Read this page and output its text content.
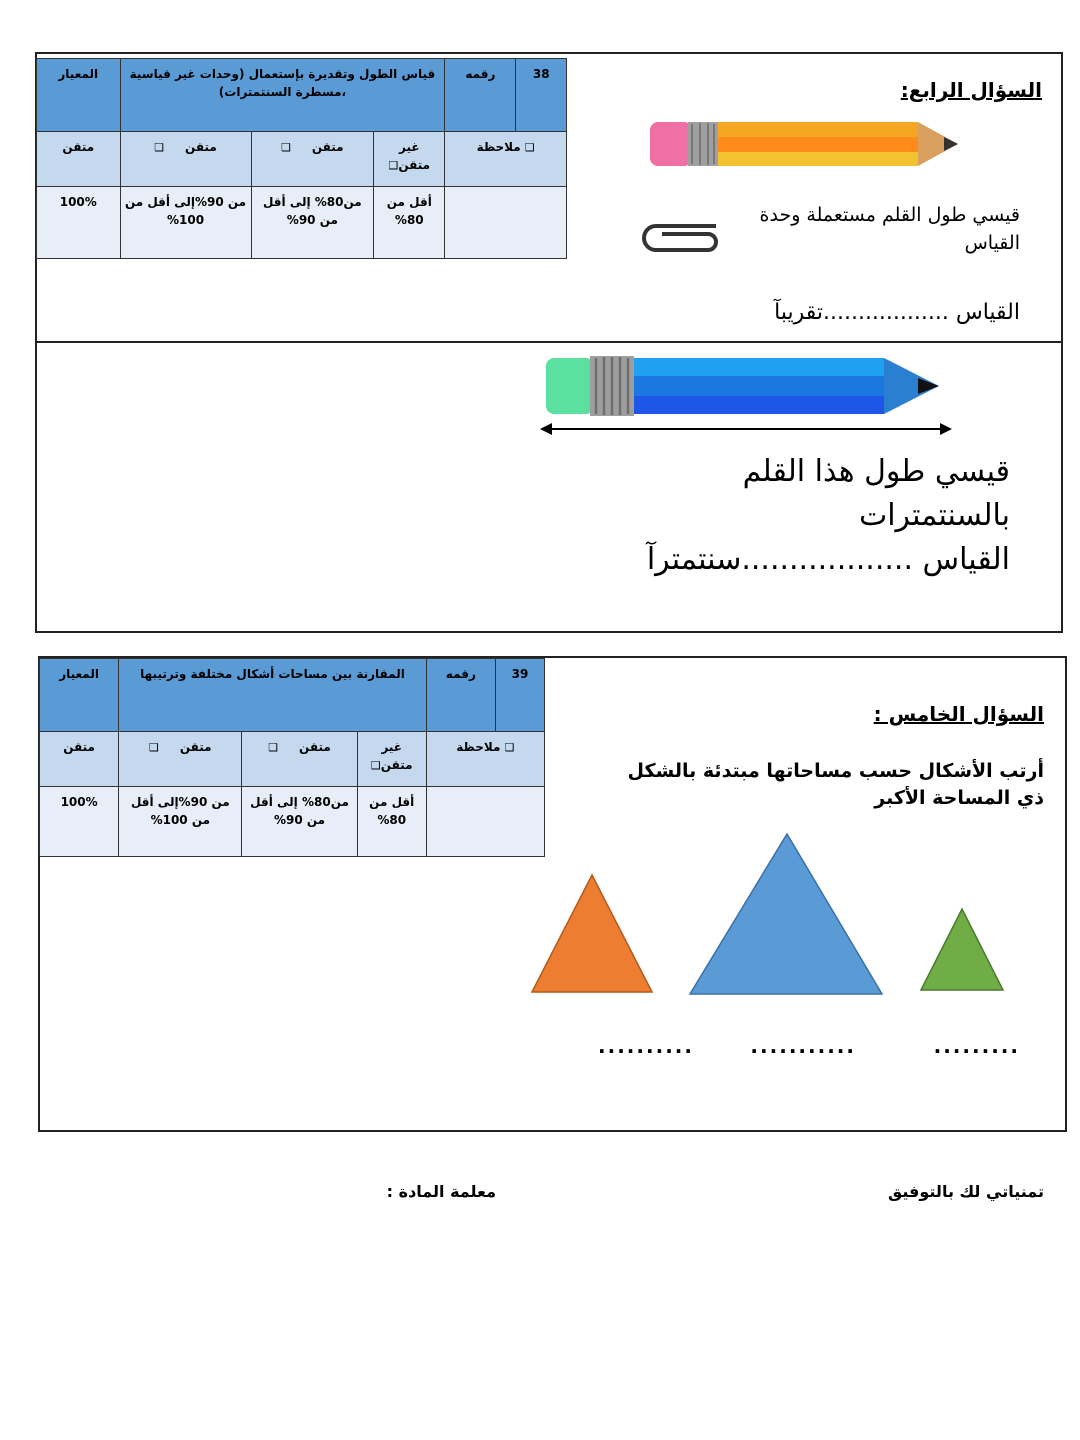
38	رقمه	قياس الطول وتقديرة بإستعمال (وحدات غير قياسية ،مسطرة السنتمترات)			المعيار
❑ ملاحظة		غير متقن❑	متقن     ❑	متقن     ❑	متقن
		أقل من 80%	من80% إلى أقل من 90%	من 90%إلى أقل من 100%	100%
السؤال الرابع:
قيسي طول القلم مستعملة وحدة القياس
القياس ..................تقريبآ
قيسي طول هذا القلم
بالسنتمترات
القياس ..................سنتمترآ
39	رقمه	المقارنة بين مساحات أشكال مختلفة وترتيبها			المعيار
❑ ملاحظة		غير متقن❑	متقن     ❑	متقن     ❑	متقن
		أقل من 80%	من80% إلى أقل من 90%	من 90%إلى أقل من 100%	100%
السؤال الخامس :
أرتب الأشكال حسب مساحاتها مبتدئة بالشكل ذي المساحة الأكبر
.........
...........
..........
تمنياتي لك بالتوفيق
معلمة المادة :
